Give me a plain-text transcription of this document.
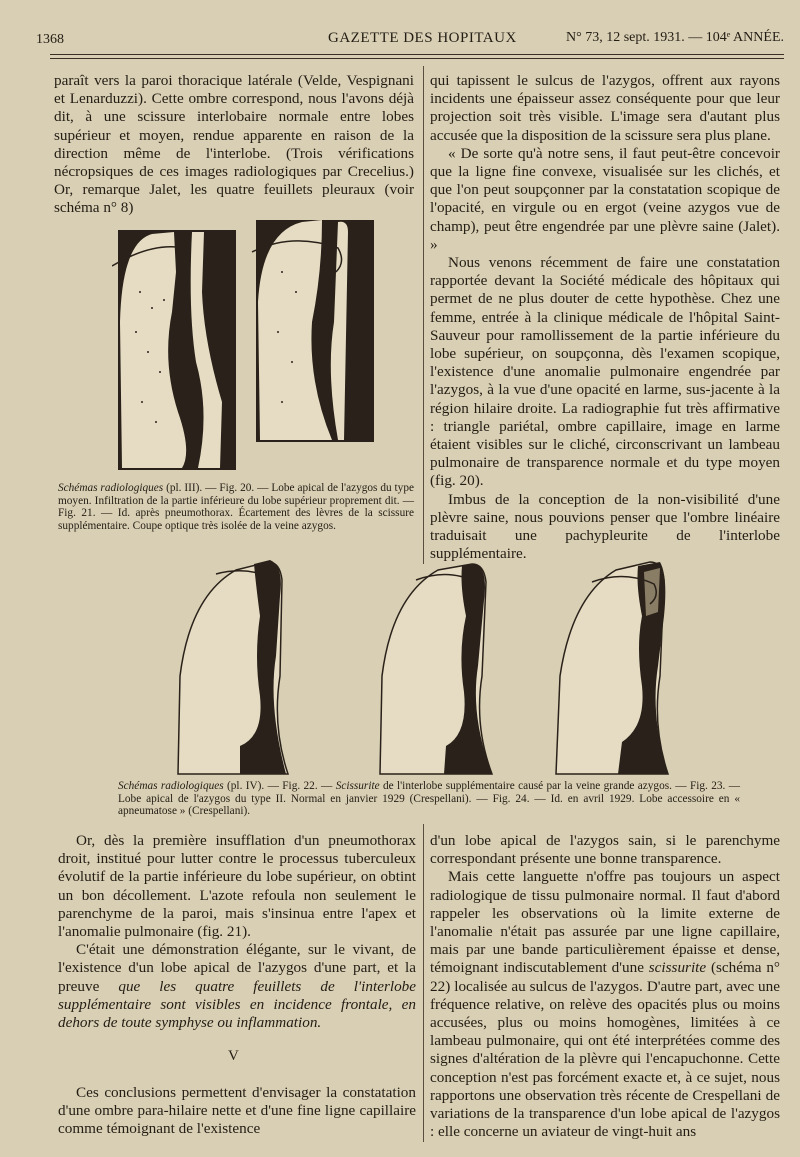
1368	GAZETTE DES HOPITAUX	N° 73, 12 sept. 1931. — 104ᵉ ANNÉE.

paraît vers la paroi thoracique latérale (Velde, Vespignani et Lenarduzzi). Cette ombre correspond, nous l'avons déjà dit, à une scissure interlobaire normale entre lobes supérieur et moyen, rendue apparente en raison de la direction même de l'interlobe. (Trois vérifications nécropsiques de ces images radiologiques par Crecelius.) Or, remarque Jalet, les quatre feuillets pleuraux (voir schéma n° 8)

qui tapissent le sulcus de l'azygos, offrent aux rayons incidents une épaisseur assez conséquente pour que leur projection soit très visible. L'image sera d'autant plus accusée que la disposition de la scissure sera plus plane.

« De sorte qu'à notre sens, il faut peut-être concevoir que la ligne fine convexe, visualisée sur les clichés, et que l'on peut soupçonner par la constatation scopique de l'opacité, en virgule ou en ergot (veine azygos vue de champ), peut être engendrée par une plèvre saine (Jalet). »

Nous venons récemment de faire une constatation rapportée devant la Société médicale des hôpitaux qui permet de ne plus douter de cette hypothèse. Chez une femme, entrée à la clinique médicale de l'hôpital Saint-Sauveur pour ramollissement de la partie inférieure du lobe supérieur, on soupçonna, dès l'examen scopique, l'existence d'une anomalie pulmonaire engendrée par l'azygos, à la vue d'une opacité en larme, sus-jacente à la région hilaire droite. La radiographie fut très affirmative : triangle pariétal, ombre capillaire, image en larme étaient visibles sur le cliché, circonscrivant un lambeau pulmonaire de transparence normale et du type moyen (fig. 20).

Imbus de la conception de la non-visibilité d'une plèvre saine, nous pouvions penser que l'ombre linéaire traduisait une pachypleurite de l'interlobe supplémentaire.

Schémas radiologiques (pl. III). — Fig. 20. — Lobe apical de l'azygos du type moyen. Infiltration de la partie inférieure du lobe supérieur proprement dit. — Fig. 21. — Id. après pneumothorax. Écartement des lèvres de la scissure supplémentaire. Coupe optique très isolée de la veine azygos.
Schémas radiologiques (pl. IV). — Fig. 22. — Scissurite de l'interlobe supplémentaire causé par la veine grande azygos. — Fig. 23. — Lobe apical de l'azygos du type II. Normal en janvier 1929 (Crespellani). — Fig. 24. — Id. en avril 1929. Lobe accessoire en « apneumatose » (Crespellani).

Or, dès la première insufflation d'un pneumothorax droit, institué pour lutter contre le processus tuberculeux évolutif de la partie inférieure du lobe supérieur, on obtint un bon décollement. L'azote refoula non seulement le parenchyme de la paroi, mais s'insinua entre l'apex et l'anomalie pulmonaire (fig. 21).

C'était une démonstration élégante, sur le vivant, de l'existence d'un lobe apical de l'azygos d'une part, et la preuve que les quatre feuillets de l'interlobe supplémentaire sont visibles en incidence frontale, en dehors de toute symphyse ou inflammation.

V

Ces conclusions permettent d'envisager la constatation d'une ombre para-hilaire nette et d'une fine ligne capillaire comme témoignant de l'existence

d'un lobe apical de l'azygos sain, si le parenchyme correspondant présente une bonne transparence.

Mais cette languette n'offre pas toujours un aspect radiologique de tissu pulmonaire normal. Il faut d'abord rappeler les observations où la limite externe de l'anomalie n'était pas assurée par une ligne capillaire, mais par une bande particulièrement épaisse et dense, témoignant indiscutablement d'une scissurite (schéma n° 22) localisée au sulcus de l'azygos. D'autre part, avec une fréquence relative, on relève des opacités plus ou moins accusées, plus ou moins homogènes, limitées à ce lambeau pulmonaire, qui ont été interprétées comme des signes d'altération de la plèvre qui l'encapuchonne. Cette conception n'est pas forcément exacte et, à ce sujet, nous rapportons une observation très récente de Crespellani de variations de la transparence d'un lobe apical de l'azygos : elle concerne un aviateur de vingt-huit ans
